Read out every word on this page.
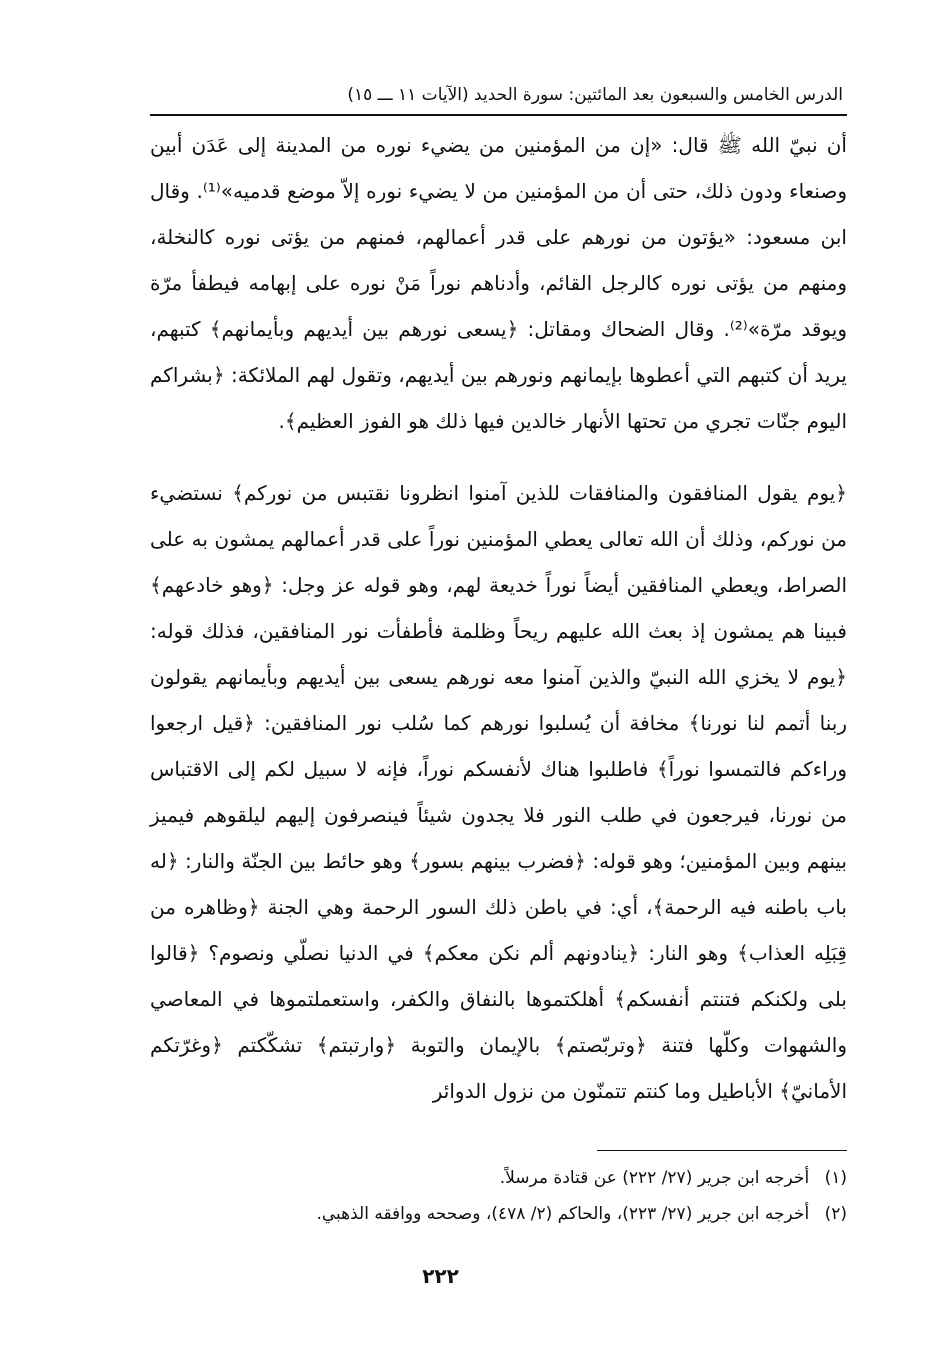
الدرس الخامس والسبعون بعد المائتين: سورة الحديد (الآيات ١١ ـــ ١٥)

أن نبيّ الله ﷺ قال: «إن من المؤمنين من يضيء نوره من المدينة إلى عَدَن أبين وصنعاء ودون ذلك، حتى أن من المؤمنين من لا يضيء نوره إلاّ موضع قدميه»⁽¹⁾. وقال ابن مسعود: «يؤتون من نورهم على قدر أعمالهم، فمنهم من يؤتى نوره كالنخلة، ومنهم من يؤتى نوره كالرجل القائم، وأدناهم نوراً مَنْ نوره على إبهامه فيطفأ مرّة ويوقد مرّة»⁽²⁾. وقال الضحاك ومقاتل: ﴿يسعى نورهم بين أيديهم وبأيمانهم﴾ كتبهم، يريد أن كتبهم التي أعطوها بإيمانهم ونورهم بين أيديهم، وتقول لهم الملائكة: ﴿بشراكم اليوم جنّات تجري من تحتها الأنهار خالدين فيها ذلك هو الفوز العظيم﴾.

﴿يوم يقول المنافقون والمنافقات للذين آمنوا انظرونا نقتبس من نوركم﴾ نستضيء من نوركم، وذلك أن الله تعالى يعطي المؤمنين نوراً على قدر أعمالهم يمشون به على الصراط، ويعطي المنافقين أيضاً نوراً خديعة لهم، وهو قوله عز وجل: ﴿وهو خادعهم﴾ فبينا هم يمشون إذ بعث الله عليهم ريحاً وظلمة فأطفأت نور المنافقين، فذلك قوله: ﴿يوم لا يخزي الله النبيّ والذين آمنوا معه نورهم يسعى بين أيديهم وبأيمانهم يقولون ربنا أتمم لنا نورنا﴾ مخافة أن يُسلبوا نورهم كما سُلب نور المنافقين: ﴿قيل ارجعوا وراءكم فالتمسوا نوراً﴾ فاطلبوا هناك لأنفسكم نوراً، فإنه لا سبيل لكم إلى الاقتباس من نورنا، فيرجعون في طلب النور فلا يجدون شيئاً فينصرفون إليهم ليلقوهم فيميز بينهم وبين المؤمنين؛ وهو قوله: ﴿فضرب بينهم بسور﴾ وهو حائط بين الجنّة والنار: ﴿له باب باطنه فيه الرحمة﴾، أي: في باطن ذلك السور الرحمة وهي الجنة ﴿وظاهره من قِبَلِه العذاب﴾ وهو النار: ﴿ينادونهم ألم نكن معكم﴾ في الدنيا نصلّي ونصوم؟ ﴿قالوا بلى ولكنكم فتنتم أنفسكم﴾ أهلكتموها بالنفاق والكفر، واستعملتموها في المعاصي والشهوات وكلّها فتنة ﴿وتربّصتم﴾ بالإيمان والتوبة ﴿وارتبتم﴾ تشكّكتم ﴿وغرّتكم الأمانيّ﴾ الأباطيل وما كنتم تتمنّون من نزول الدوائر

(١) أخرجه ابن جرير (٢٧/ ٢٢٢) عن قتادة مرسلاً.
(٢) أخرجه ابن جرير (٢٧/ ٢٢٣)، والحاكم (٢/ ٤٧٨)، وصححه ووافقه الذهبي.
٢٢٢
